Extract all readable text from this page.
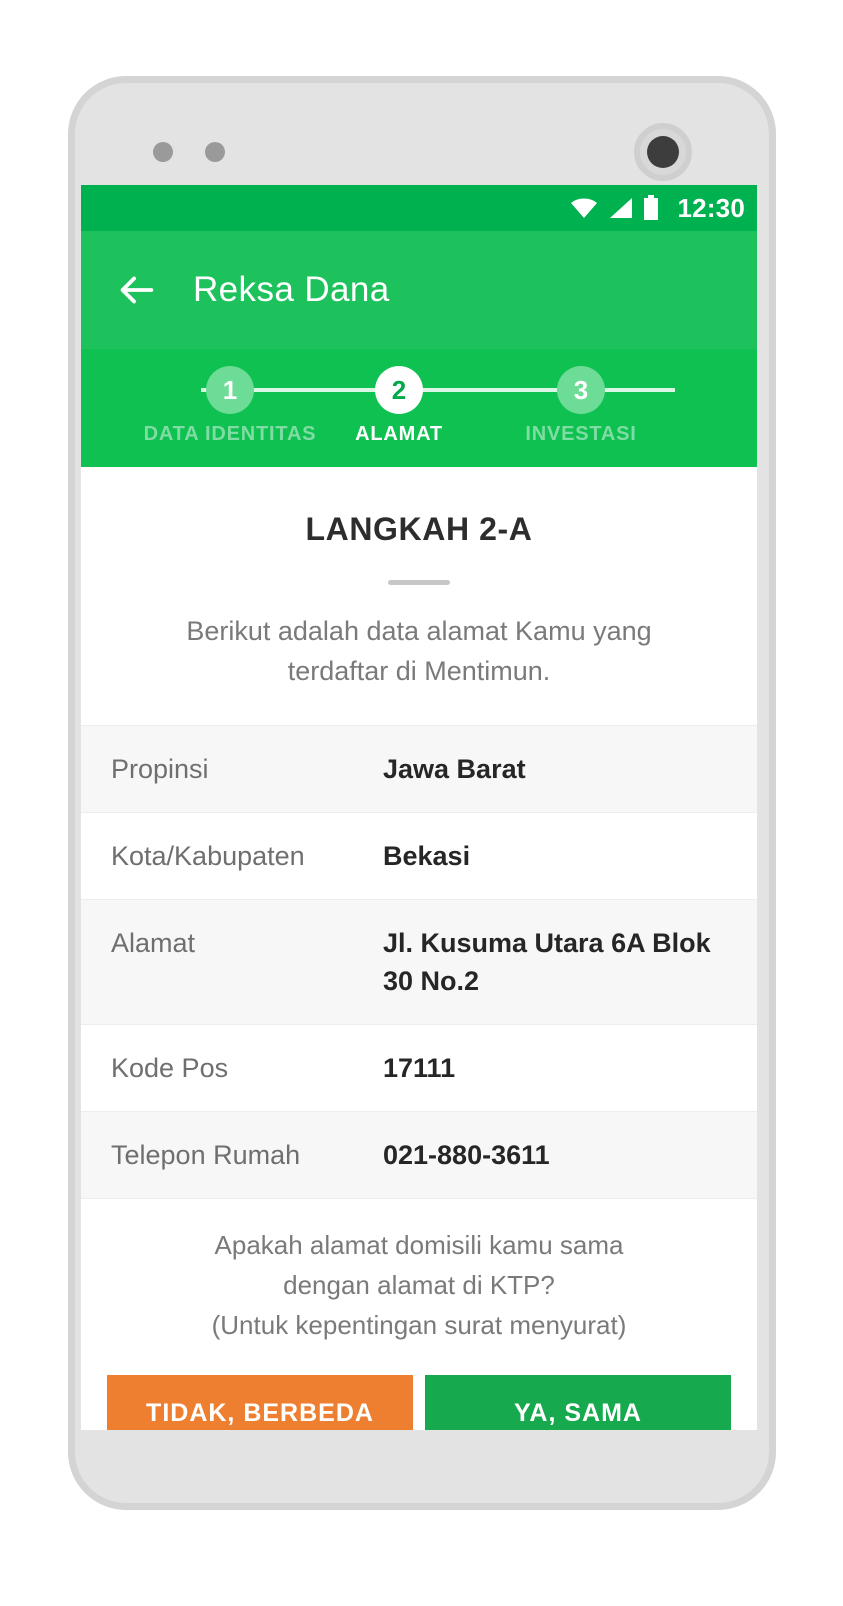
12:30
Reksa Dana
1
DATA IDENTITAS
2
ALAMAT
3
INVESTASI
LANGKAH 2-A
Berikut adalah data alamat Kamu yang terdaftar di Mentimun.
Propinsi	Jawa Barat
Kota/Kabupaten	Bekasi
Alamat	Jl. Kusuma Utara 6A Blok 30 No.2
Kode Pos	17111
Telepon Rumah	021-880-3611
Apakah alamat domisili kamu sama
dengan alamat di KTP?
(Untuk kepentingan surat menyurat)
TIDAK, BERBEDA	YA, SAMA
